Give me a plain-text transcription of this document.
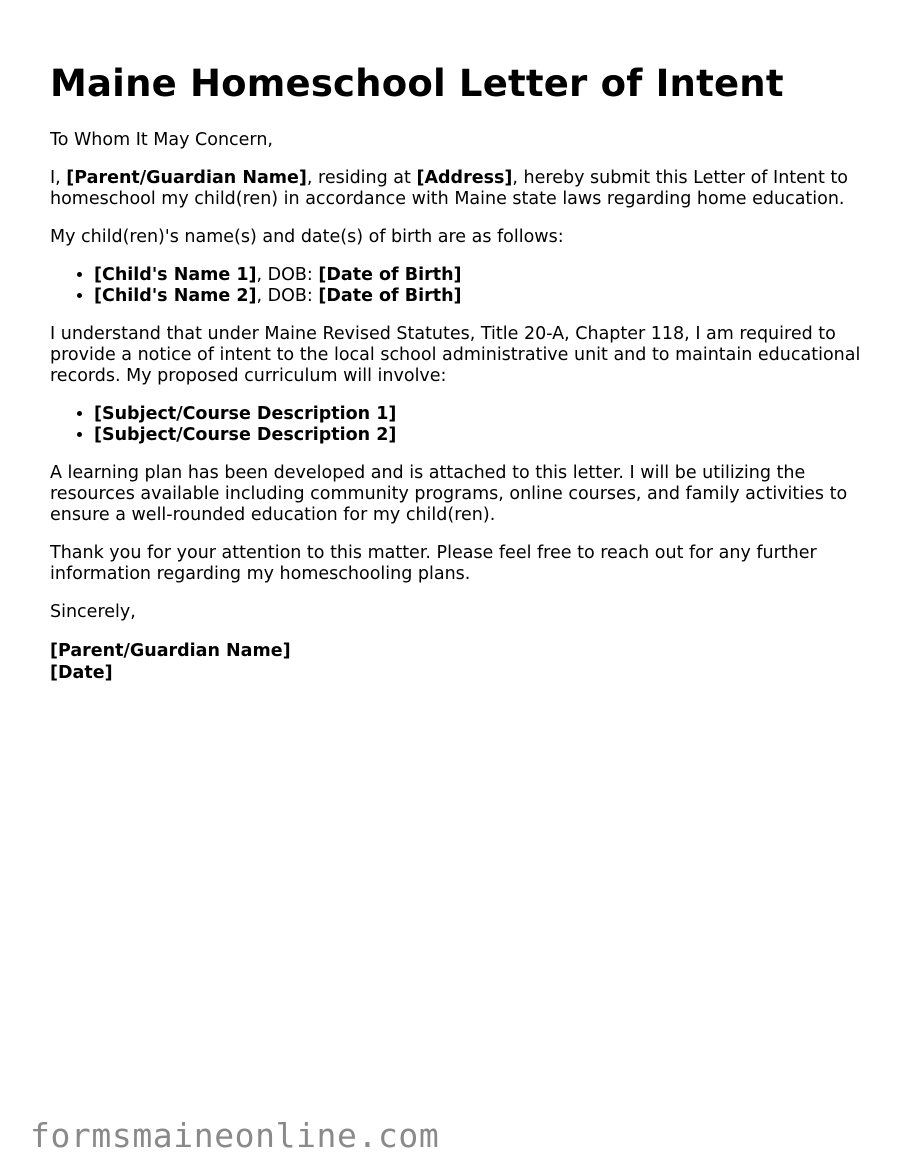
Maine Homeschool Letter of Intent

To Whom It May Concern,

I, [Parent/Guardian Name], residing at [Address], hereby submit this Letter of Intent to homeschool my child(ren) in accordance with Maine state laws regarding home education.

My child(ren)'s name(s) and date(s) of birth are as follows:

• [Child's Name 1], DOB: [Date of Birth]
• [Child's Name 2], DOB: [Date of Birth]

I understand that under Maine Revised Statutes, Title 20-A, Chapter 118, I am required to provide a notice of intent to the local school administrative unit and to maintain educational records. My proposed curriculum will involve:

• [Subject/Course Description 1]
• [Subject/Course Description 2]

A learning plan has been developed and is attached to this letter. I will be utilizing the resources available including community programs, online courses, and family activities to ensure a well-rounded education for my child(ren).

Thank you for your attention to this matter. Please feel free to reach out for any further information regarding my homeschooling plans.

Sincerely,

[Parent/Guardian Name]
[Date]

formsmaineonline.com
